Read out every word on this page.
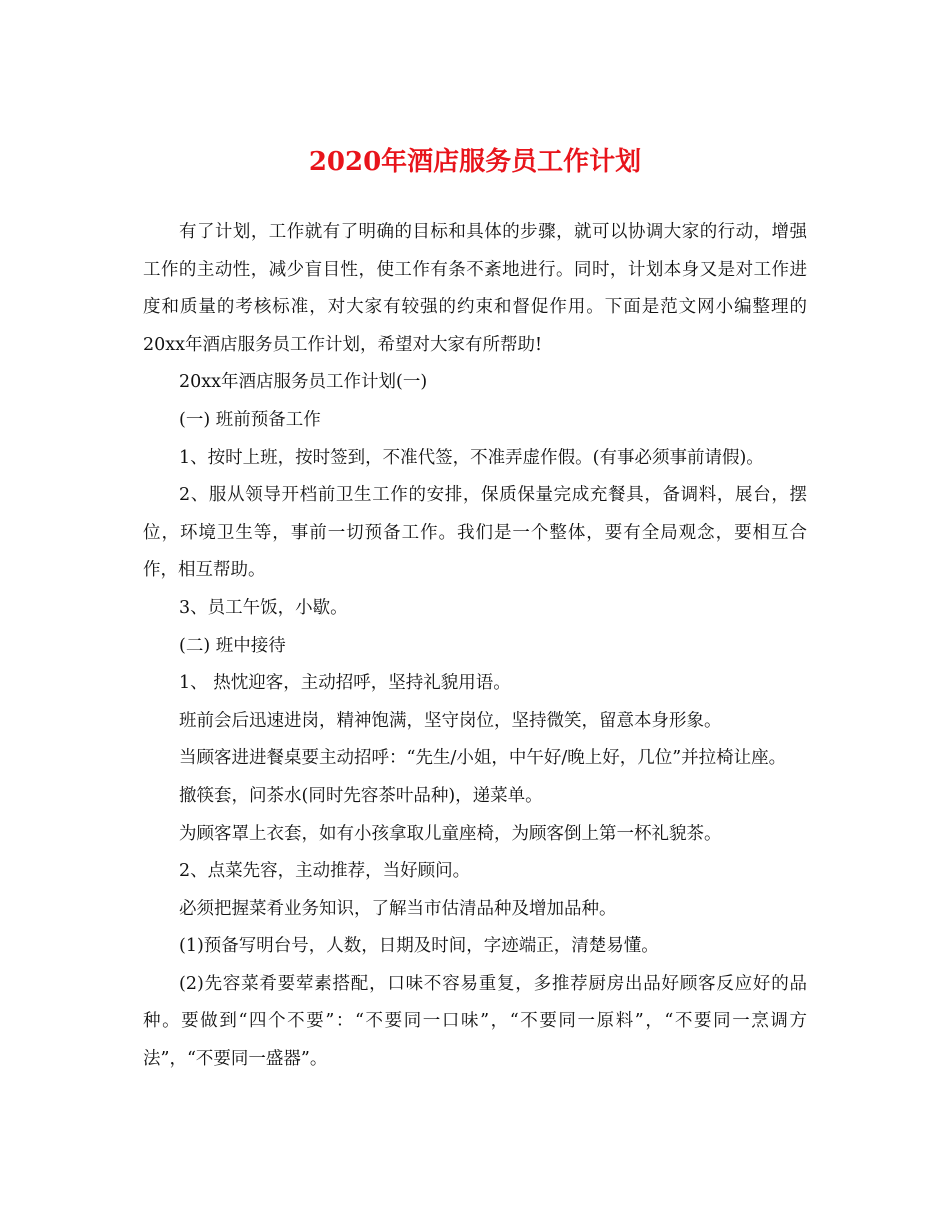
2020年酒店服务员工作计划

有了计划，工作就有了明确的目标和具体的步骤，就可以协调大家的行动，增强工作的主动性，减少盲目性，使工作有条不紊地进行。同时，计划本身又是对工作进度和质量的考核标准，对大家有较强的约束和督促作用。下面是范文网小编整理的20xx年酒店服务员工作计划，希望对大家有所帮助!

20xx年酒店服务员工作计划(一)

(一) 班前预备工作

1、按时上班，按时签到，不准代签，不准弄虚作假。(有事必须事前请假)。

2、服从领导开档前卫生工作的安排，保质保量完成充餐具，备调料，展台，摆位，环境卫生等，事前一切预备工作。我们是一个整体，要有全局观念，要相互合作，相互帮助。

3、员工午饭，小歇。

(二) 班中接待

1、 热忱迎客，主动招呼，坚持礼貌用语。

班前会后迅速进岗，精神饱满，坚守岗位，坚持微笑，留意本身形象。

当顾客进进餐桌要主动招呼：“先生/小姐，中午好/晚上好，几位”并拉椅让座。

撤筷套，问茶水(同时先容茶叶品种)，递菜单。

为顾客罩上衣套，如有小孩拿取儿童座椅，为顾客倒上第一杯礼貌茶。

2、点菜先容，主动推荐，当好顾问。

必须把握菜肴业务知识，了解当市估清品种及增加品种。

(1)预备写明台号，人数，日期及时间，字迹端正，清楚易懂。

(2)先容菜肴要荤素搭配，口味不容易重复，多推荐厨房出品好顾客反应好的品种。要做到“四个不要”：“不要同一口味”，“不要同一原料”，“不要同一烹调方法”，“不要同一盛器”。
